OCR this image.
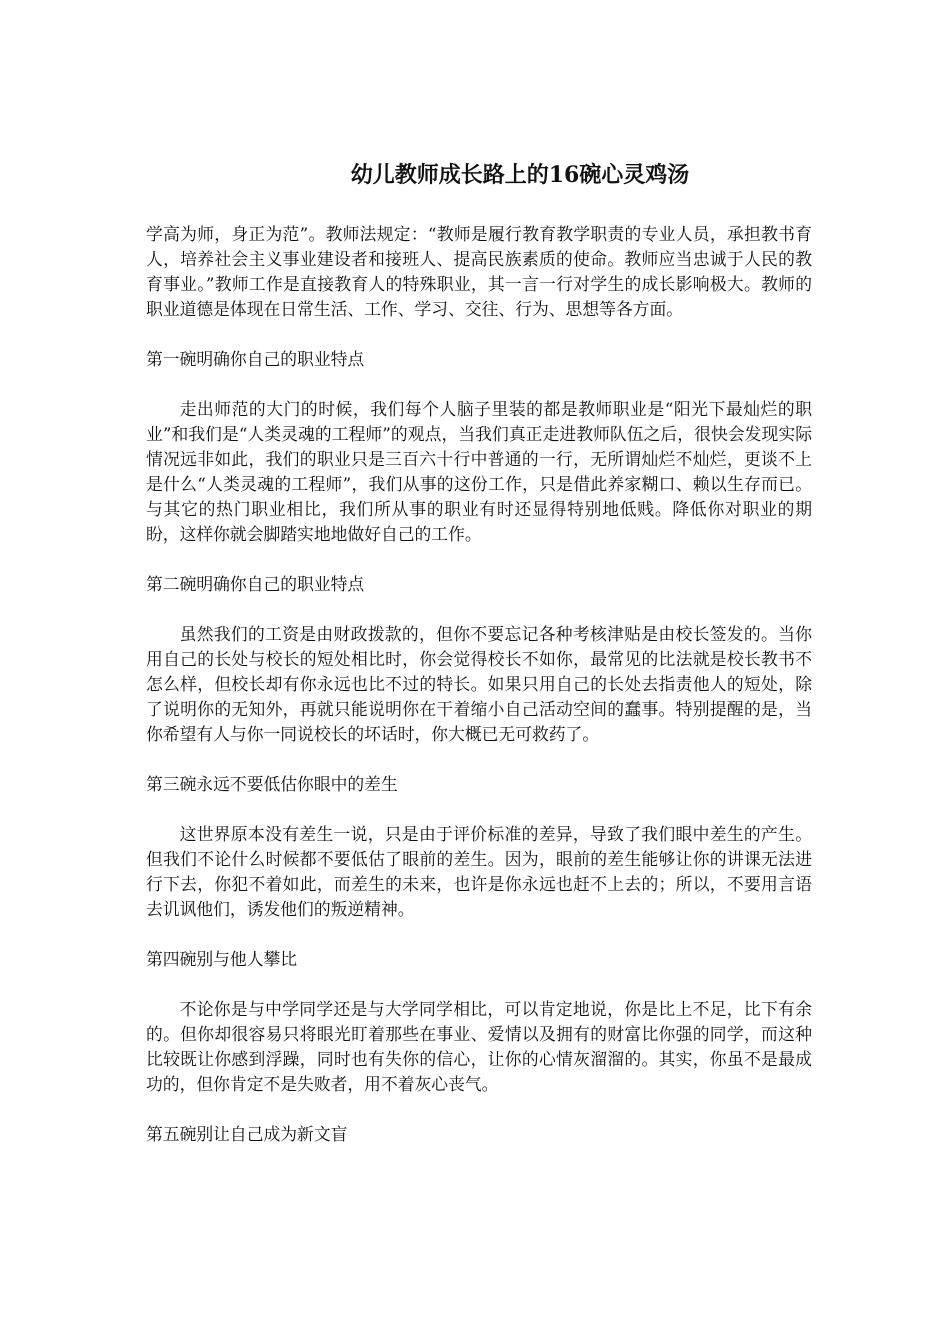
幼儿教师成长路上的16碗心灵鸡汤

学高为师，身正为范”。教师法规定：“教师是履行教育教学职责的专业人员，承担教书育人，培养社会主义事业建设者和接班人、提高民族素质的使命。教师应当忠诚于人民的教育事业。”教师工作是直接教育人的特殊职业，其一言一行对学生的成长影响极大。教师的职业道德是体现在日常生活、工作、学习、交往、行为、思想等各方面。

第一碗明确你自己的职业特点

走出师范的大门的时候，我们每个人脑子里装的都是教师职业是“阳光下最灿烂的职业”和我们是“人类灵魂的工程师”的观点，当我们真正走进教师队伍之后，很快会发现实际情况远非如此，我们的职业只是三百六十行中普通的一行，无所谓灿烂不灿烂，更谈不上是什么“人类灵魂的工程师”，我们从事的这份工作，只是借此养家糊口、赖以生存而已。与其它的热门职业相比，我们所从事的职业有时还显得特别地低贱。降低你对职业的期盼，这样你就会脚踏实地地做好自己的工作。

第二碗明确你自己的职业特点

虽然我们的工资是由财政拨款的，但你不要忘记各种考核津贴是由校长签发的。当你用自己的长处与校长的短处相比时，你会觉得校长不如你，最常见的比法就是校长教书不怎么样，但校长却有你永远也比不过的特长。如果只用自己的长处去指责他人的短处，除了说明你的无知外，再就只能说明你在干着缩小自己活动空间的蠢事。特别提醒的是，当你希望有人与你一同说校长的坏话时，你大概已无可救药了。

第三碗永远不要低估你眼中的差生

这世界原本没有差生一说，只是由于评价标准的差异，导致了我们眼中差生的产生。但我们不论什么时候都不要低估了眼前的差生。因为，眼前的差生能够让你的讲课无法进行下去，你犯不着如此，而差生的未来，也许是你永远也赶不上去的；所以，不要用言语去讥讽他们，诱发他们的叛逆精神。

第四碗别与他人攀比

不论你是与中学同学还是与大学同学相比，可以肯定地说，你是比上不足，比下有余的。但你却很容易只将眼光盯着那些在事业、爱情以及拥有的财富比你强的同学，而这种比较既让你感到浮躁，同时也有失你的信心，让你的心情灰溜溜的。其实，你虽不是最成功的，但你肯定不是失败者，用不着灰心丧气。

第五碗别让自己成为新文盲
